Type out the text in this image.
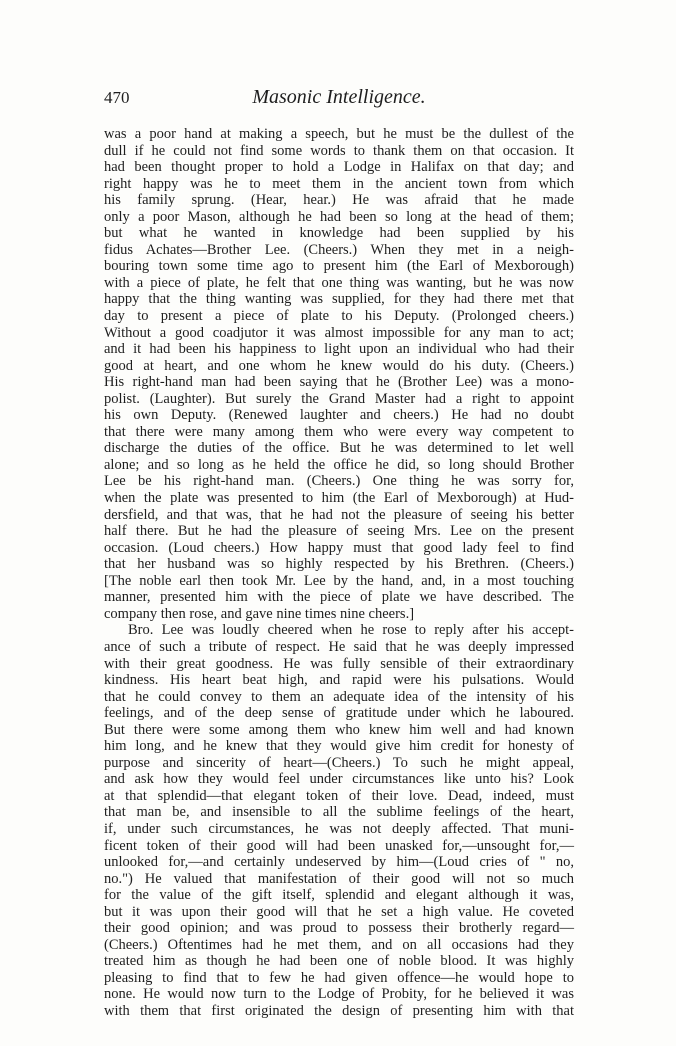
470	Masonic Intelligence.
was a poor hand at making a speech, but he must be the dullest of the
dull if he could not find some words to thank them on that occasion. It
had been thought proper to hold a Lodge in Halifax on that day; and
right happy was he to meet them in the ancient town from which
his family sprung. (Hear, hear.) He was afraid that he made
only a poor Mason, although he had been so long at the head of them;
but what he wanted in knowledge had been supplied by his
fidus Achates—Brother Lee. (Cheers.) When they met in a neigh-
bouring town some time ago to present him (the Earl of Mexborough)
with a piece of plate, he felt that one thing was wanting, but he was now
happy that the thing wanting was supplied, for they had there met that
day to present a piece of plate to his Deputy. (Prolonged cheers.)
Without a good coadjutor it was almost impossible for any man to act;
and it had been his happiness to light upon an individual who had their
good at heart, and one whom he knew would do his duty. (Cheers.)
His right-hand man had been saying that he (Brother Lee) was a mono-
polist. (Laughter). But surely the Grand Master had a right to appoint
his own Deputy. (Renewed laughter and cheers.) He had no doubt
that there were many among them who were every way competent to
discharge the duties of the office. But he was determined to let well
alone; and so long as he held the office he did, so long should Brother
Lee be his right-hand man. (Cheers.) One thing he was sorry for,
when the plate was presented to him (the Earl of Mexborough) at Hud-
dersfield, and that was, that he had not the pleasure of seeing his better
half there. But he had the pleasure of seeing Mrs. Lee on the present
occasion. (Loud cheers.) How happy must that good lady feel to find
that her husband was so highly respected by his Brethren. (Cheers.)
[The noble earl then took Mr. Lee by the hand, and, in a most touching
manner, presented him with the piece of plate we have described. The
company then rose, and gave nine times nine cheers.]
Bro. Lee was loudly cheered when he rose to reply after his accept-
ance of such a tribute of respect. He said that he was deeply impressed
with their great goodness. He was fully sensible of their extraordinary
kindness. His heart beat high, and rapid were his pulsations. Would
that he could convey to them an adequate idea of the intensity of his
feelings, and of the deep sense of gratitude under which he laboured.
But there were some among them who knew him well and had known
him long, and he knew that they would give him credit for honesty of
purpose and sincerity of heart—(Cheers.) To such he might appeal,
and ask how they would feel under circumstances like unto his? Look
at that splendid—that elegant token of their love. Dead, indeed, must
that man be, and insensible to all the sublime feelings of the heart,
if, under such circumstances, he was not deeply affected. That muni-
ficent token of their good will had been unasked for,—unsought for,—
unlooked for,—and certainly undeserved by him—(Loud cries of " no,
no.") He valued that manifestation of their good will not so much
for the value of the gift itself, splendid and elegant although it was,
but it was upon their good will that he set a high value. He coveted
their good opinion; and was proud to possess their brotherly regard—
(Cheers.) Oftentimes had he met them, and on all occasions had they
treated him as though he had been one of noble blood. It was highly
pleasing to find that to few he had given offence—he would hope to
none. He would now turn to the Lodge of Probity, for he believed it was
with them that first originated the design of presenting him with that
